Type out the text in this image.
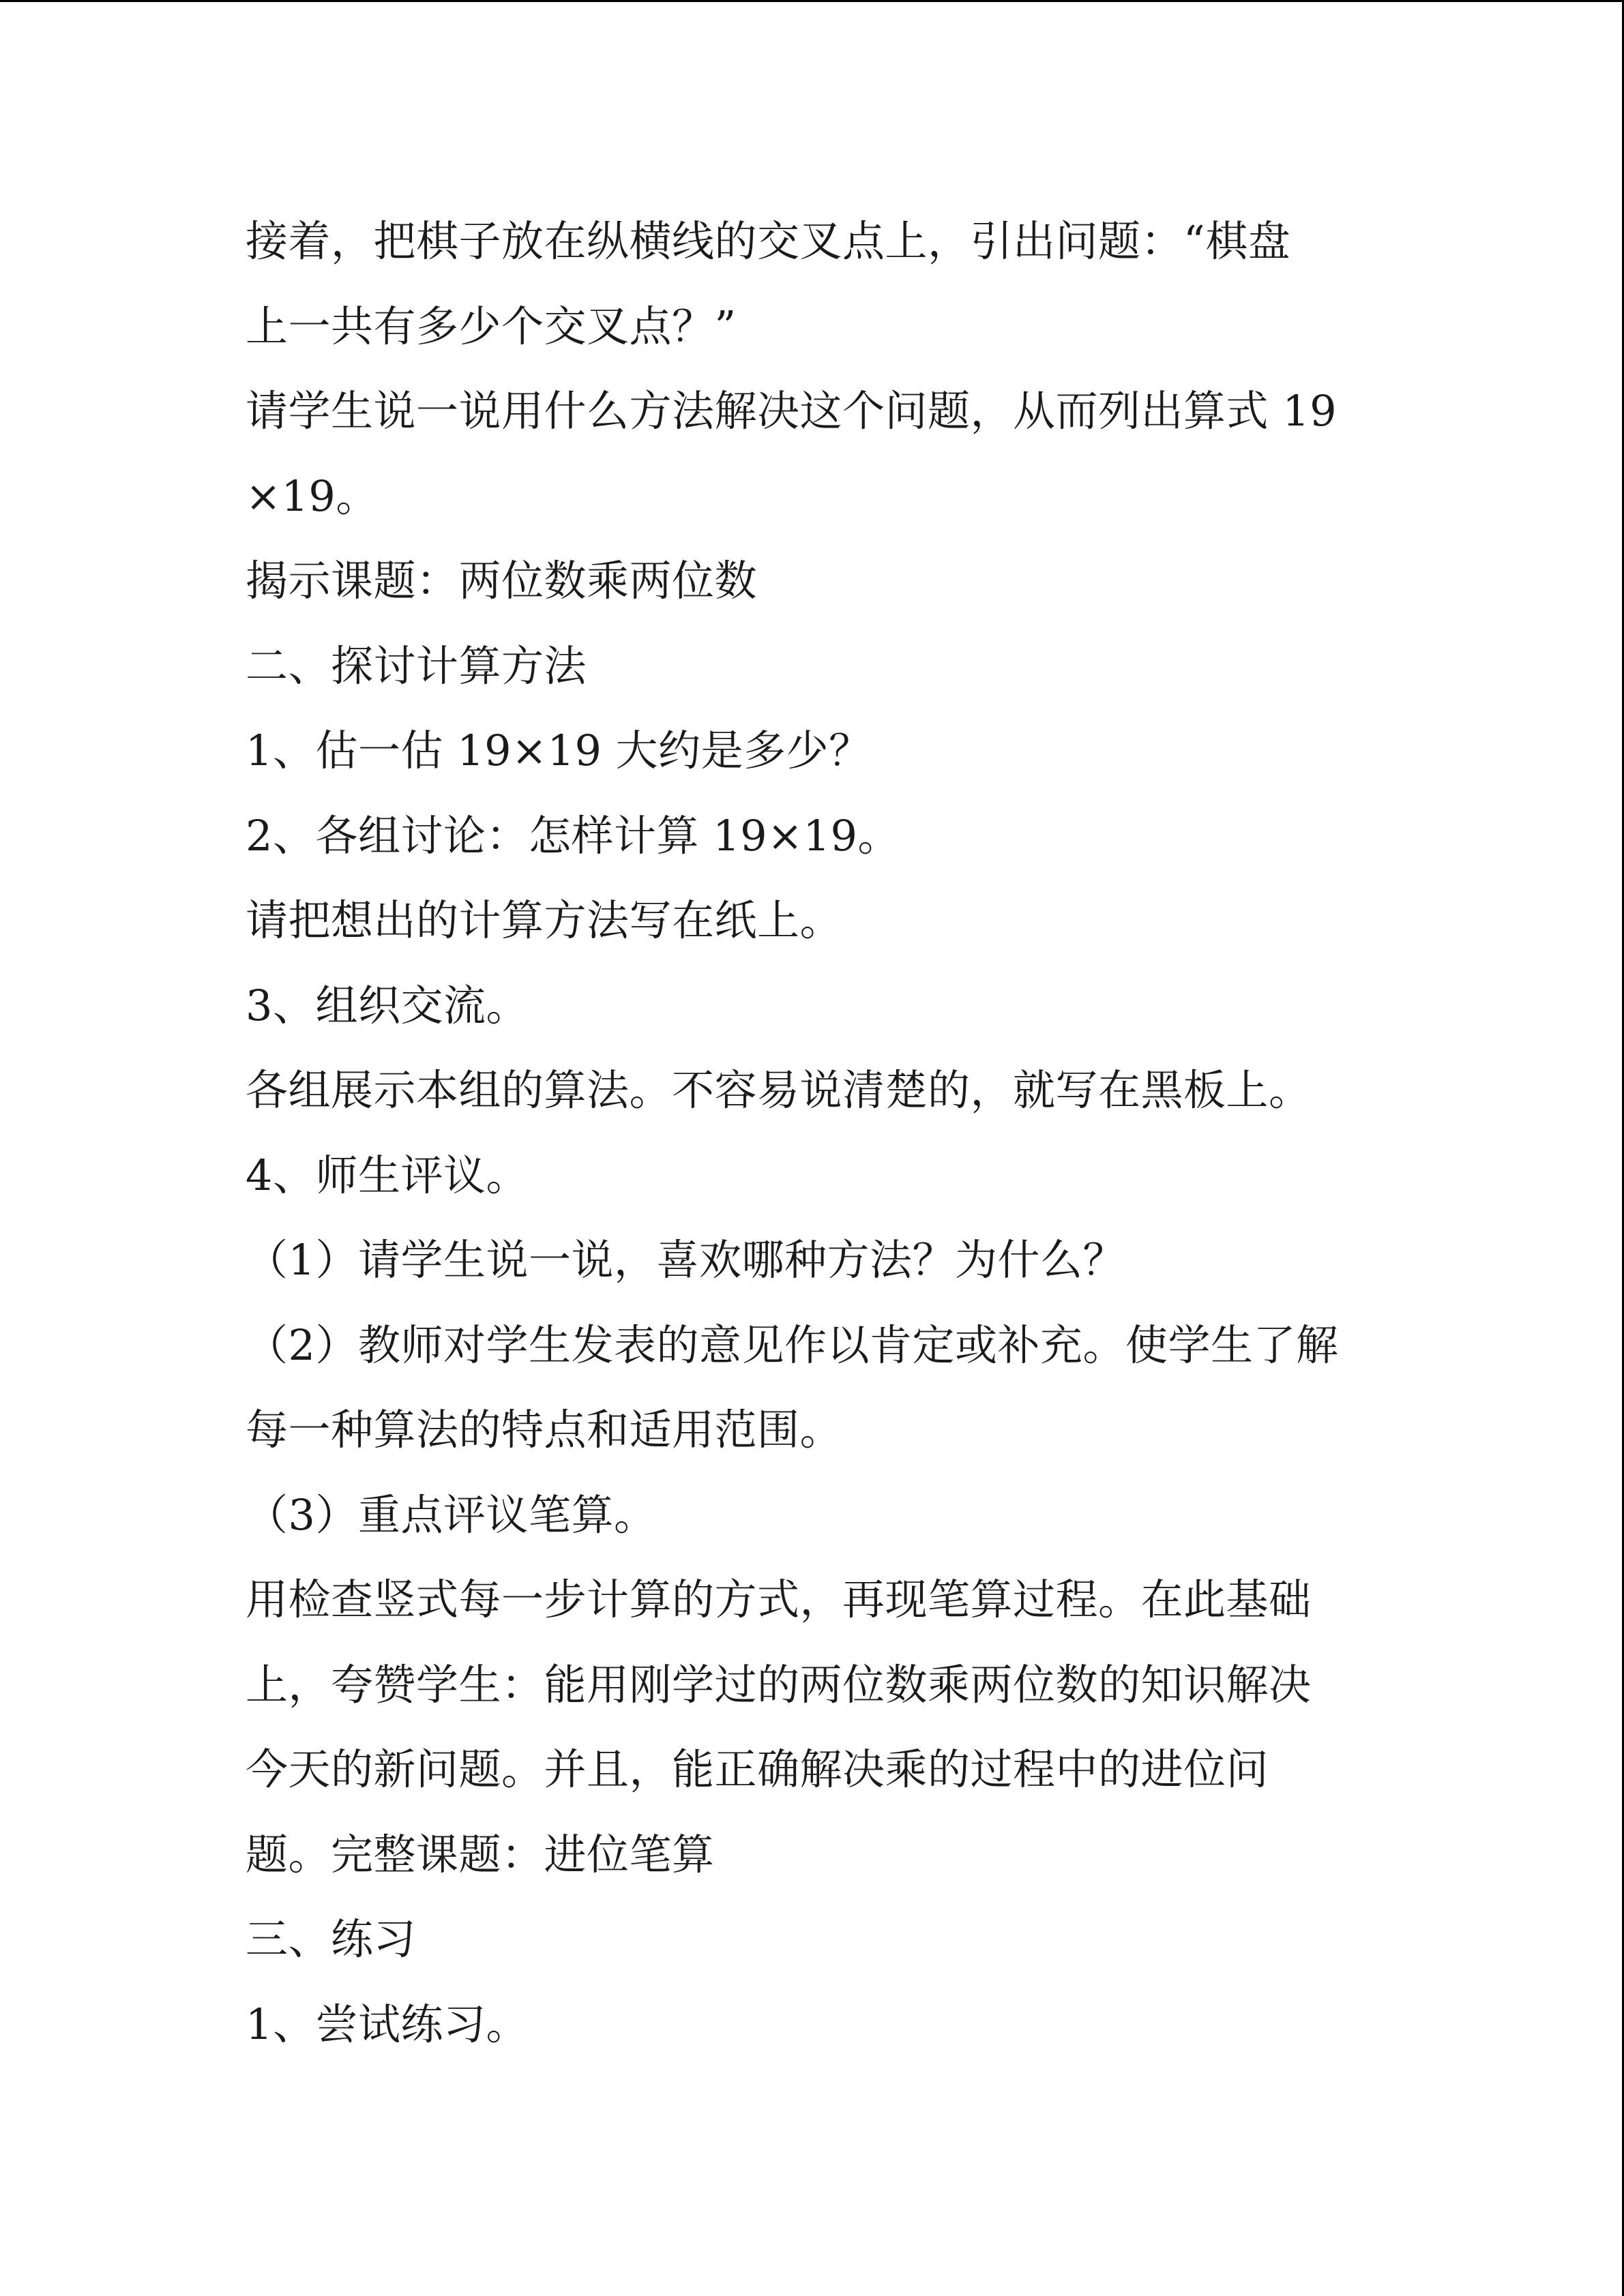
接着，把棋子放在纵横线的交叉点上，引出问题：“棋盘
上一共有多少个交叉点？”
请学生说一说用什么方法解决这个问题，从而列出算式 19
×19。
揭示课题：两位数乘两位数
二、探讨计算方法
1、估一估 19×19 大约是多少？
2、各组讨论：怎样计算 19×19。
请把想出的计算方法写在纸上。
3、组织交流。
各组展示本组的算法。不容易说清楚的，就写在黑板上。
4、师生评议。
（1）请学生说一说，喜欢哪种方法？为什么？
（2）教师对学生发表的意见作以肯定或补充。使学生了解
每一种算法的特点和适用范围。
（3）重点评议笔算。
用检查竖式每一步计算的方式，再现笔算过程。在此基础
上，夸赞学生：能用刚学过的两位数乘两位数的知识解决
今天的新问题。并且，能正确解决乘的过程中的进位问
题。完整课题：进位笔算
三、练习
1、尝试练习。
